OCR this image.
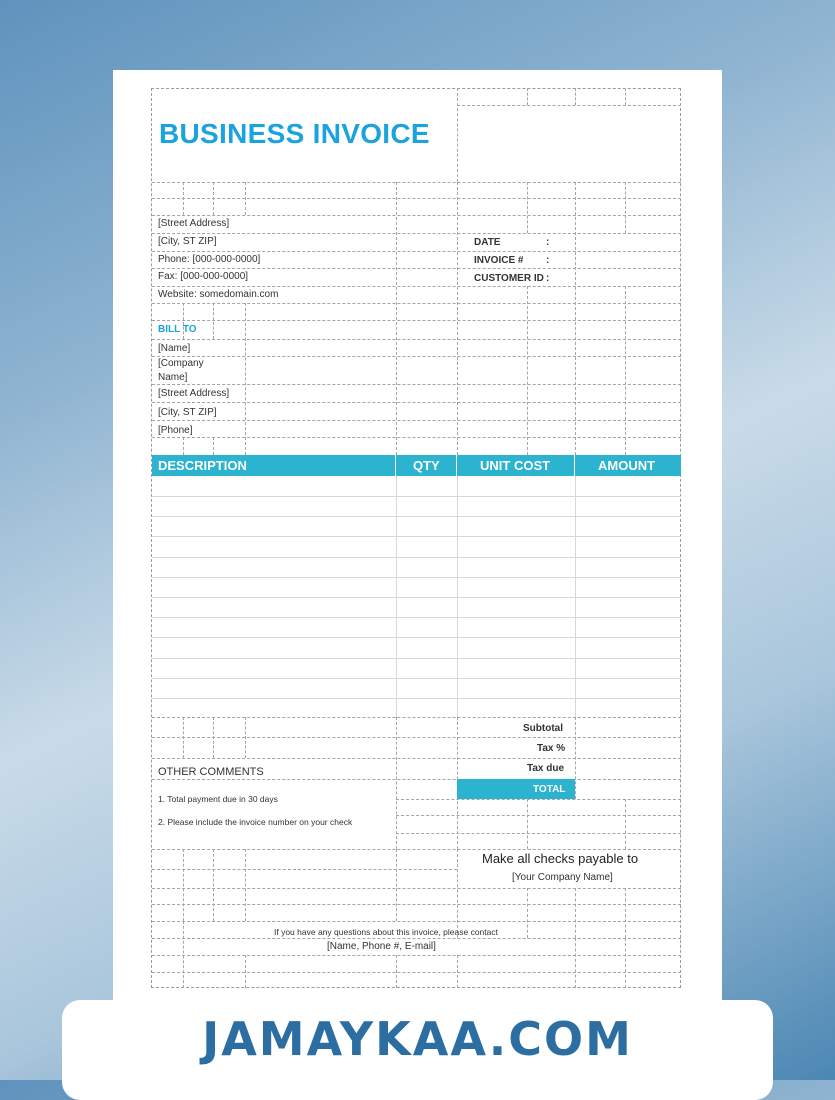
BUSINESS INVOICE
[Street Address]
[City, ST ZIP]
Phone: [000-000-0000]
Fax: [000-000-0000]
Website: somedomain.com
DATE	:
INVOICE # :
CUSTOMER ID :
BILL TO
[Name]
[Company
Name]
[Street Address]
[City, ST ZIP]
[Phone]
DESCRIPTION	QTY	UNIT COST	AMOUNT
Subtotal
Tax %
Tax due
TOTAL
OTHER COMMENTS
1. Total payment due in 30 days
2. Please include the invoice number on your check
Make all checks payable to
[Your Company Name]
If you have any questions about this invoice, please contact
[Name, Phone #, E-mail]
JAMAYKAA.COM
